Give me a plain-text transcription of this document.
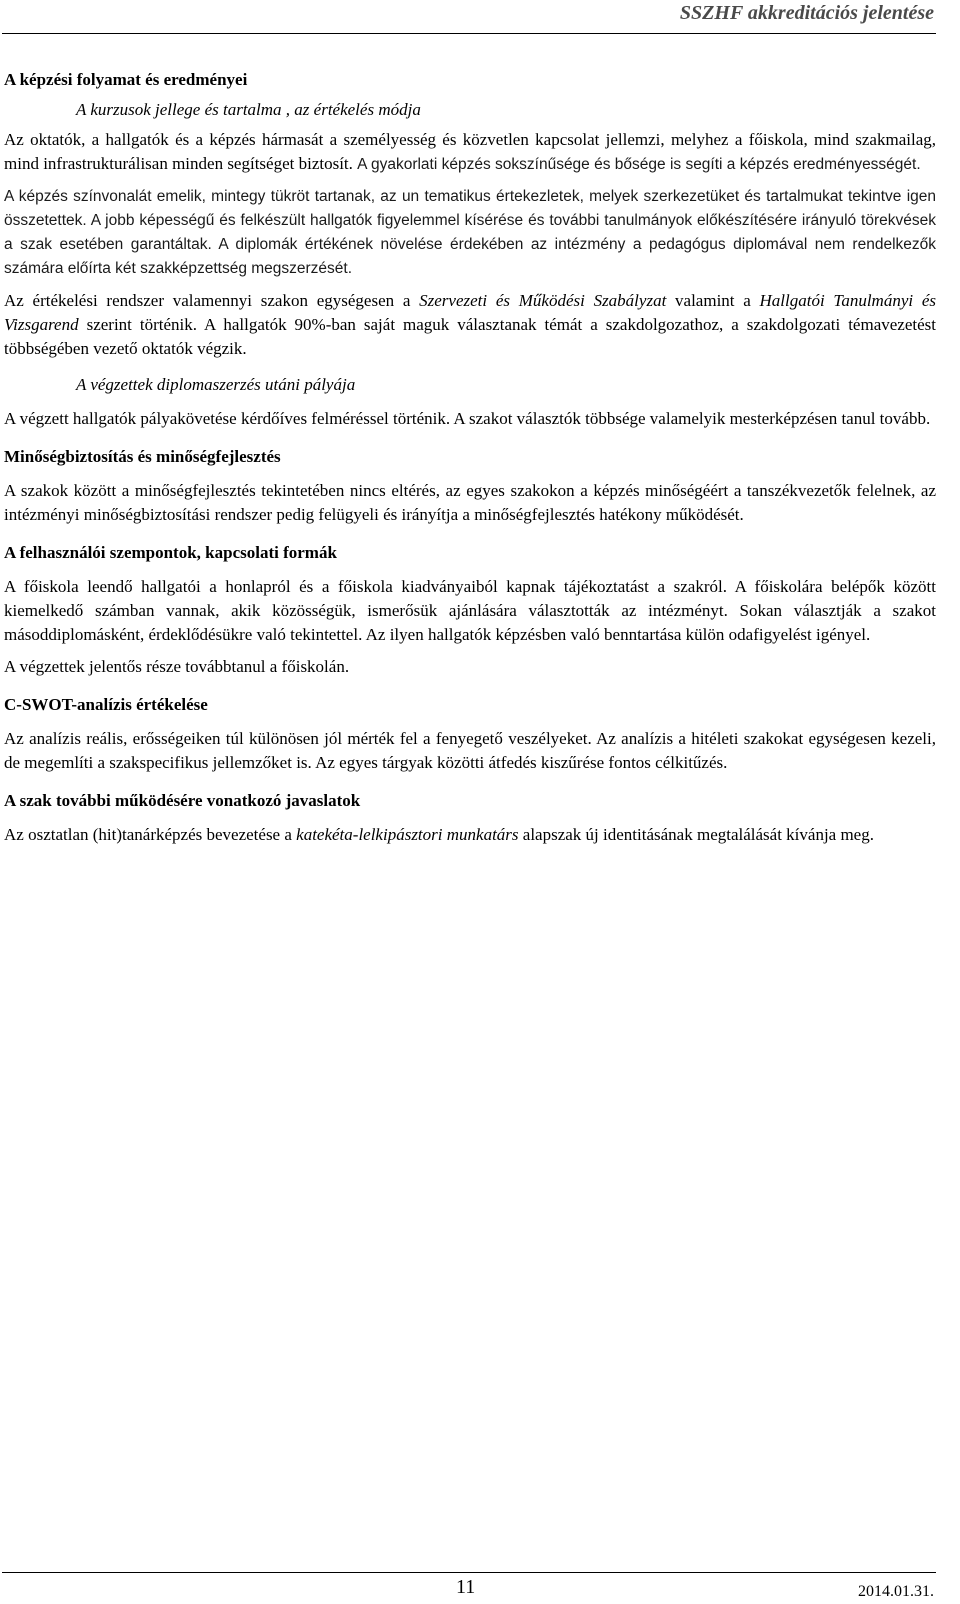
SSZHF akkreditációs jelentése

A képzési folyamat és eredményei

A kurzusok jellege és tartalma , az értékelés módja

Az oktatók, a hallgatók és a képzés hármasát a személyesség és közvetlen kapcsolat jellemzi, melyhez a főiskola, mind szakmailag, mind infrastrukturálisan minden segítséget biztosít. A gyakorlati képzés sokszínűsége és bősége is segíti a képzés eredményességét.

A képzés színvonalát emelik, mintegy tükröt tartanak, az un tematikus értekezletek, melyek szerkezetüket és tartalmukat tekintve igen összetettek. A jobb képességű és felkészült hallgatók figyelemmel kísérése és további tanulmányok előkészítésére irányuló törekvések a szak esetében garantáltak. A diplomák értékének növelése érdekében az intézmény a pedagógus diplomával nem rendelkezők számára előírta két szakképzettség megszerzését.

Az értékelési rendszer valamennyi szakon egységesen a Szervezeti és Működési Szabályzat valamint a Hallgatói Tanulmányi és Vizsgarend szerint történik. A hallgatók 90%-ban saját maguk választanak témát a szakdolgozathoz, a szakdolgozati témavezetést többségében vezető oktatók végzik.

A végzettek diplomaszerzés utáni pályája

A végzett hallgatók pályakövetése kérdőíves felméréssel történik. A szakot választók többsége valamelyik mesterképzésen tanul tovább.

Minőségbiztosítás és minőségfejlesztés

A szakok között a minőségfejlesztés tekintetében nincs eltérés, az egyes szakokon a képzés minőségéért a tanszékvezetők felelnek, az intézményi minőségbiztosítási rendszer pedig felügyeli és irányítja a minőségfejlesztés hatékony működését.

A felhasználói szempontok, kapcsolati formák

A főiskola leendő hallgatói a honlapról és a főiskola kiadványaiból kapnak tájékoztatást a szakról. A főiskolára belépők között kiemelkedő számban vannak, akik közösségük, ismerősük ajánlására választották az intézményt. Sokan választják a szakot másoddiplomásként, érdeklődésükre való tekintettel. Az ilyen hallgatók képzésben való benntartása külön odafigyelést igényel.

A végzettek jelentős része továbbtanul a főiskolán.

C-SWOT-analízis értékelése

Az analízis reális, erősségeiken túl különösen jól mérték fel a fenyegető veszélyeket. Az analízis a hitéleti szakokat egységesen kezeli, de megemlíti a szakspecifikus jellemzőket is. Az egyes tárgyak közötti átfedés kiszűrése fontos célkitűzés.

A szak további működésére vonatkozó javaslatok

Az osztatlan (hit)tanárképzés bevezetése a katekéta-lelkipásztori munkatárs alapszak új identitásának megtalálását kívánja meg.

11	2014.01.31.
